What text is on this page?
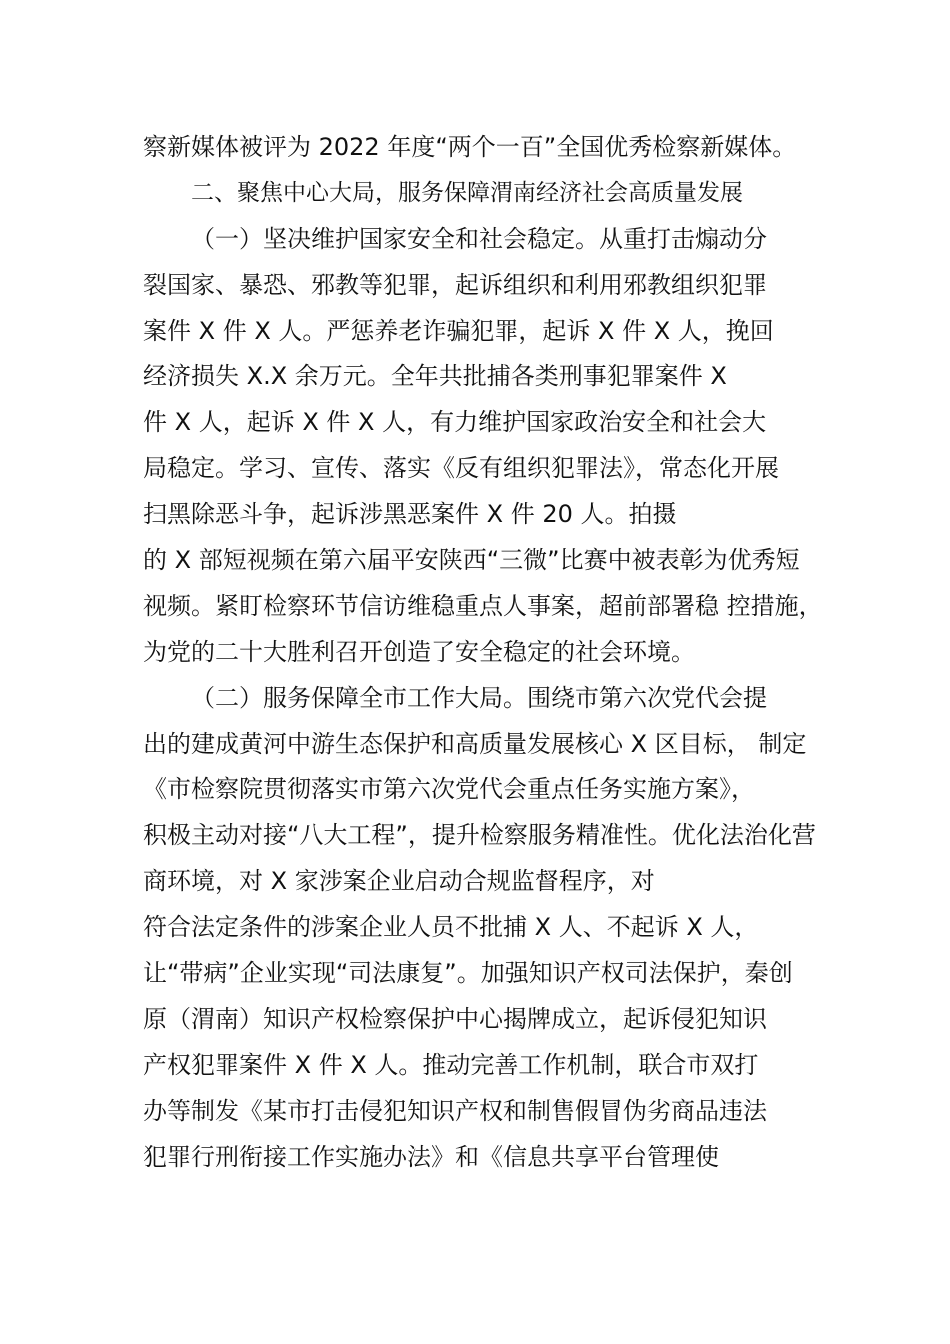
察新媒体被评为 2022 年度“两个一百”全国优秀检察新媒体。
二、聚焦中心大局，服务保障渭南经济社会高质量发展
（一）坚决维护国家安全和社会稳定。从重打击煽动分
裂国家、暴恐、邪教等犯罪，起诉组织和利用邪教组织犯罪
案件 X 件 X 人。严惩养老诈骗犯罪，起诉 X 件 X 人，挽回
经济损失 X.X 余万元。全年共批捕各类刑事犯罪案件 X
件 X 人，起诉 X 件 X 人，有力维护国家政治安全和社会大
局稳定。学习、宣传、落实《反有组织犯罪法》，常态化开展
扫黑除恶斗争，起诉涉黑恶案件 X 件 20 人。拍摄
的 X 部短视频在第六届平安陕西“三微”比赛中被表彰为优秀短
视频。紧盯检察环节信访维稳重点人事案，超前部署稳 控措施，
为党的二十大胜利召开创造了安全稳定的社会环境。
（二）服务保障全市工作大局。围绕市第六次党代会提
出的建成黄河中游生态保护和高质量发展核心 X 区目标， 制定
《市检察院贯彻落实市第六次党代会重点任务实施方案》，
积极主动对接“八大工程”，提升检察服务精准性。优化法治化营
商环境，对 X 家涉案企业启动合规监督程序，对
符合法定条件的涉案企业人员不批捕 X 人、不起诉 X 人，
让“带病”企业实现“司法康复”。加强知识产权司法保护，秦创
原（渭南）知识产权检察保护中心揭牌成立，起诉侵犯知识
产权犯罪案件 X 件 X 人。推动完善工作机制，联合市双打
办等制发《某市打击侵犯知识产权和制售假冒伪劣商品违法
犯罪行刑衔接工作实施办法》和《信息共享平台管理使
